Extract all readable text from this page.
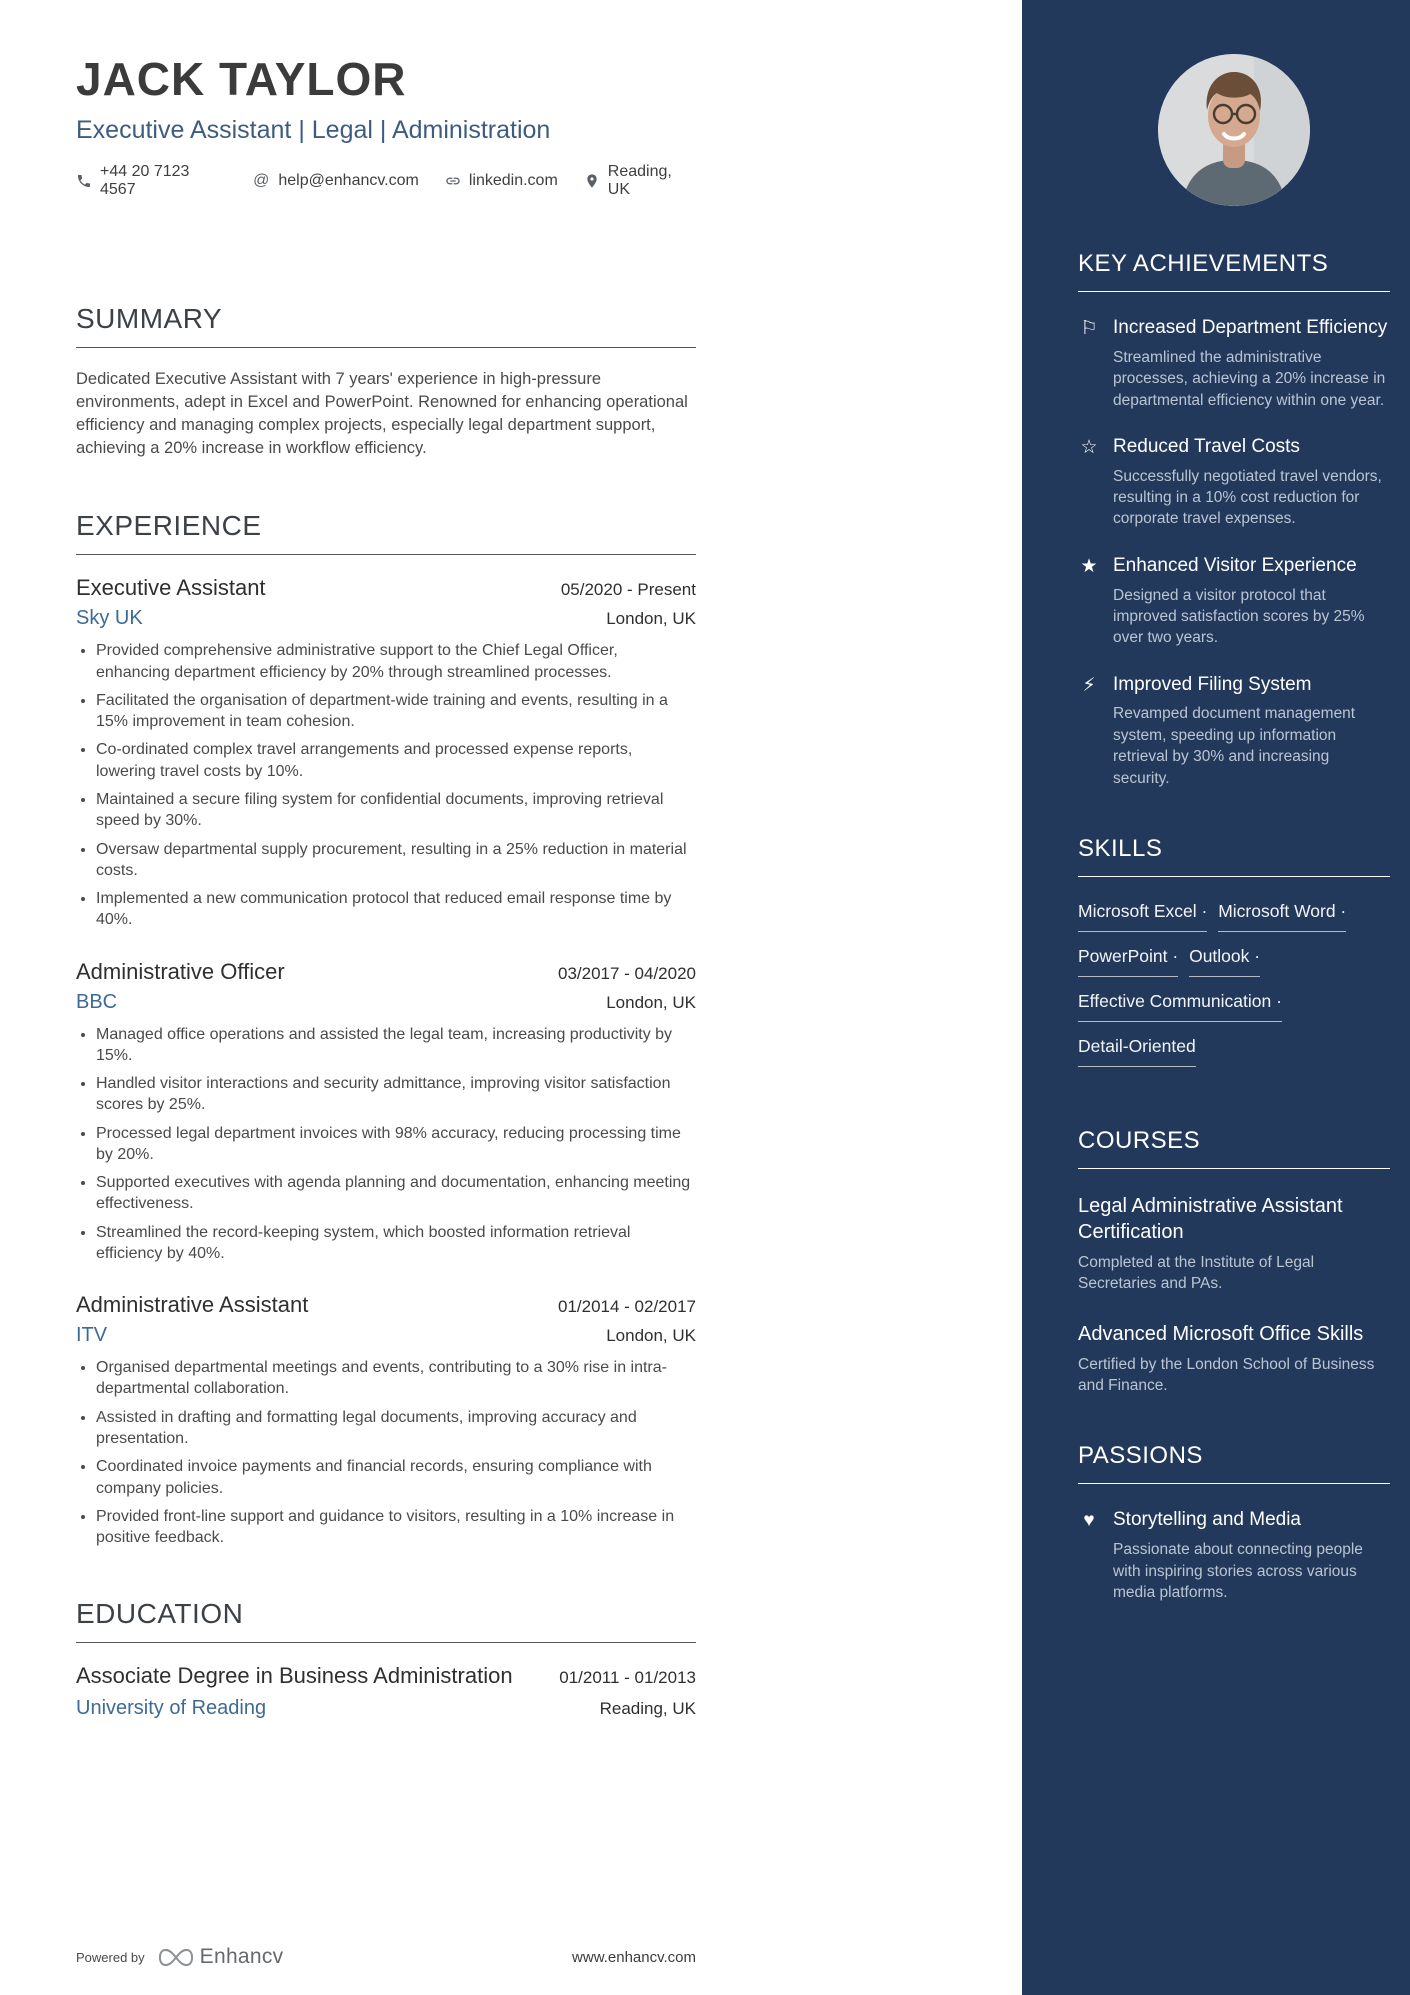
JACK TAYLOR
Executive Assistant | Legal | Administration
+44 20 7123 4567
@ help@enhancv.com	linkedin.com
Reading, UK
SUMMARY

Dedicated Executive Assistant with 7 years' experience in high-pressure environments, adept in Excel and PowerPoint. Renowned for enhancing operational efficiency and managing complex projects, especially legal department support, achieving a 20% increase in workflow efficiency.

EXPERIENCE
Executive Assistant	05/2020 - Present
Sky UK	London, UK
• Provided comprehensive administrative support to the Chief Legal Officer, enhancing department efficiency by 20% through streamlined processes.
• Facilitated the organisation of department-wide training and events, resulting in a 15% improvement in team cohesion.
• Co-ordinated complex travel arrangements and processed expense reports, lowering travel costs by 10%.
• Maintained a secure filing system for confidential documents, improving retrieval speed by 30%.
• Oversaw departmental supply procurement, resulting in a 25% reduction in material costs.
• Implemented a new communication protocol that reduced email response time by 40%.
Administrative Officer	03/2017 - 04/2020
BBC	London, UK
• Managed office operations and assisted the legal team, increasing productivity by 15%.
• Handled visitor interactions and security admittance, improving visitor satisfaction scores by 25%.
• Processed legal department invoices with 98% accuracy, reducing processing time by 20%.
• Supported executives with agenda planning and documentation, enhancing meeting effectiveness.
• Streamlined the record-keeping system, which boosted information retrieval efficiency by 40%.
Administrative Assistant	01/2014 - 02/2017
ITV	London, UK
• Organised departmental meetings and events, contributing to a 30% rise in intra-departmental collaboration.
• Assisted in drafting and formatting legal documents, improving accuracy and presentation.
• Coordinated invoice payments and financial records, ensuring compliance with company policies.
• Provided front-line support and guidance to visitors, resulting in a 10% increase in positive feedback.
EDUCATION
Associate Degree in Business Administration	01/2011 - 01/2013
University of Reading	Reading, UK
Powered by	Enhancv	www.enhancv.com
KEY ACHIEVEMENTS
⚐ Increased Department Efficiency
Streamlined the administrative processes, achieving a 20% increase in departmental efficiency within one year.
☆ Reduced Travel Costs
Successfully negotiated travel vendors, resulting in a 10% cost reduction for corporate travel expenses.
★ Enhanced Visitor Experience
Designed a visitor protocol that improved satisfaction scores by 25% over two years.
⚡ Improved Filing System
Revamped document management system, speeding up information retrieval by 30% and increasing security.
SKILLS
Microsoft Excel · Microsoft Word · PowerPoint · Outlook · Effective Communication · Detail-Oriented
COURSES
Legal Administrative Assistant Certification
Completed at the Institute of Legal Secretaries and PAs.
Advanced Microsoft Office Skills
Certified by the London School of Business and Finance.
PASSIONS
♥ Storytelling and Media
Passionate about connecting people with inspiring stories across various media platforms.
